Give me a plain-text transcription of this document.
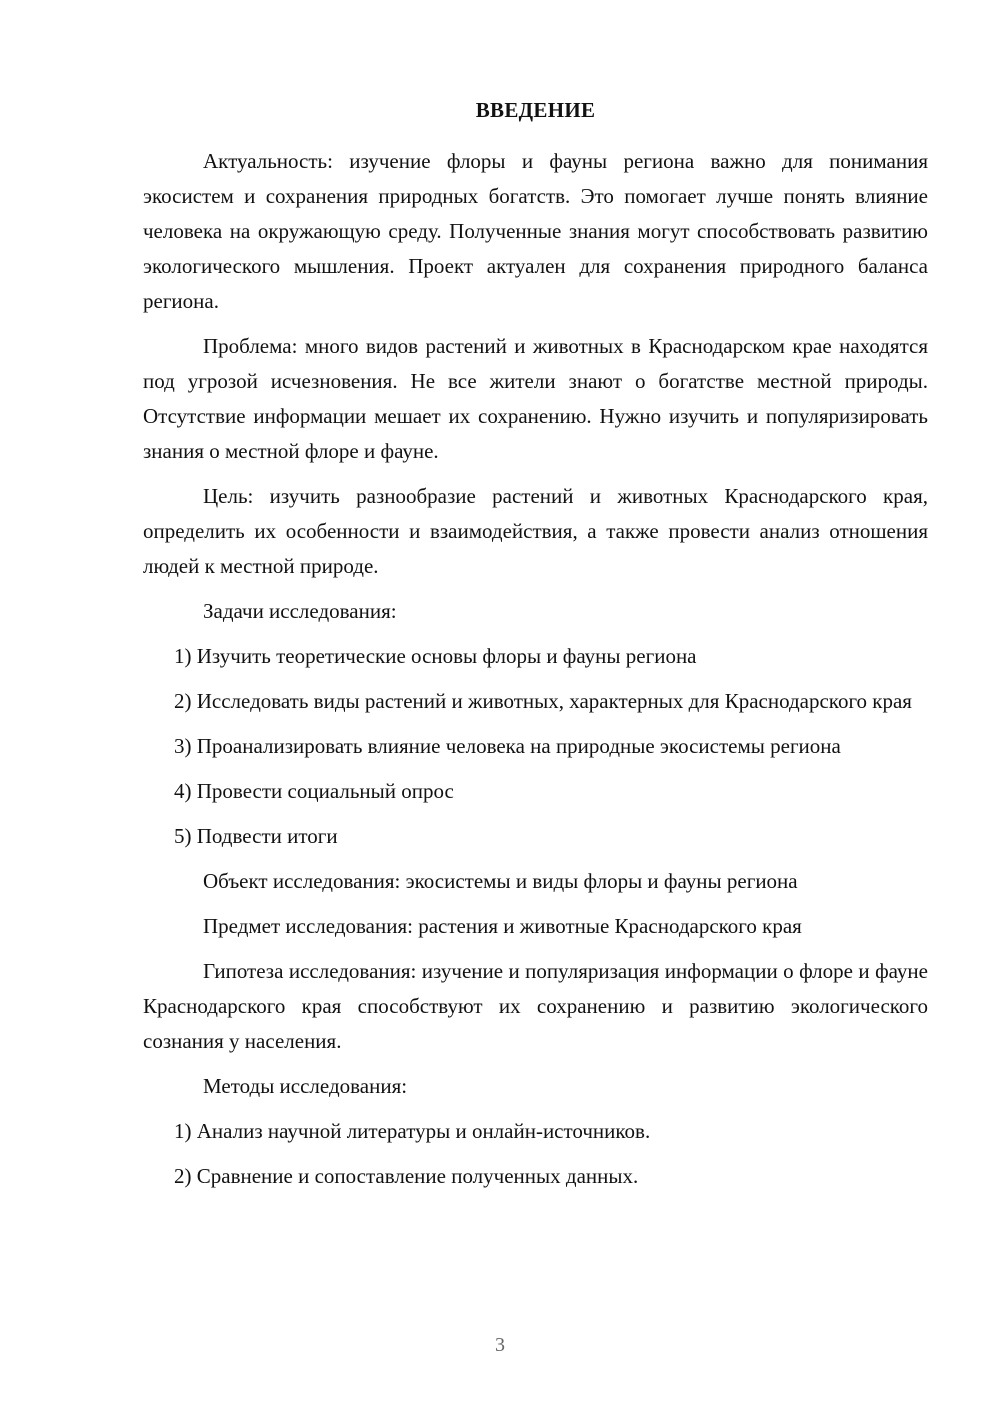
ВВЕДЕНИЕ

Актуальность: изучение флоры и фауны региона важно для понимания экосистем и сохранения природных богатств. Это помогает лучше понять влияние человека на окружающую среду. Полученные знания могут способствовать развитию экологического мышления. Проект актуален для сохранения природного баланса региона.

Проблема: много видов растений и животных в Краснодарском крае находятся под угрозой исчезновения. Не все жители знают о богатстве местной природы. Отсутствие информации мешает их сохранению. Нужно изучить и популяризировать знания о местной флоре и фауне.

Цель: изучить разнообразие растений и животных Краснодарского края, определить их особенности и взаимодействия, а также провести анализ отношения людей к местной природе.

Задачи исследования:

1) Изучить теоретические основы флоры и фауны региона

2) Исследовать виды растений и животных, характерных для Краснодарского края

3) Проанализировать влияние человека на природные экосистемы региона

4) Провести социальный опрос

5) Подвести итоги

Объект исследования: экосистемы и виды флоры и фауны региона

Предмет исследования: растения и животные Краснодарского края

Гипотеза исследования: изучение и популяризация информации о флоре и фауне Краснодарского края способствуют их сохранению и развитию экологического сознания у населения.

Методы исследования:

1) Анализ научной литературы и онлайн-источников.

2) Сравнение и сопоставление полученных данных.

3
